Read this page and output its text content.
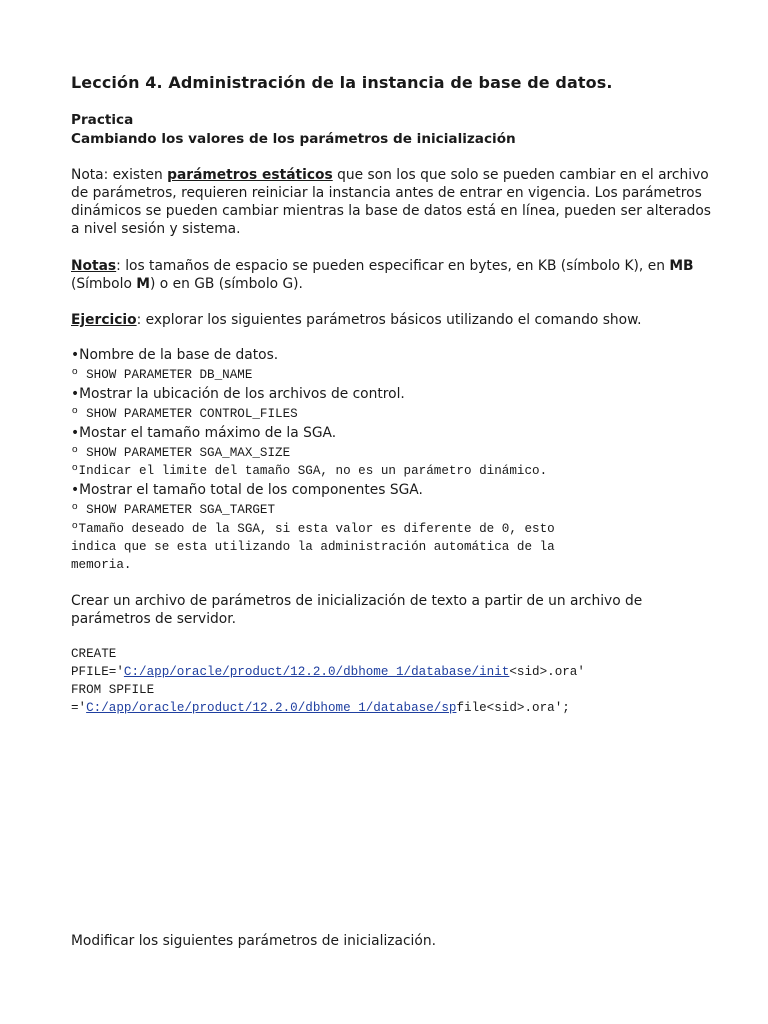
Lección 4. Administración de la instancia de base de datos.
Practica
Cambiando los valores de los parámetros de inicialización
Nota: existen parámetros estáticos que son los que solo se pueden cambiar en el archivo
de parámetros, requieren reiniciar la instancia antes de entrar en vigencia. Los parámetros
dinámicos se pueden cambiar mientras la base de datos está en línea, pueden ser alterados
a nivel sesión y sistema.
Notas: los tamaños de espacio se pueden especificar en bytes, en KB (símbolo K), en MB
(Símbolo M) o en GB (símbolo G).
Ejercicio: explorar los siguientes parámetros básicos utilizando el comando show.
•Nombre de la base de datos.
º SHOW PARAMETER DB_NAME
•Mostrar la ubicación de los archivos de control.
º SHOW PARAMETER CONTROL_FILES
•Mostar el tamaño máximo de la SGA.
º SHOW PARAMETER SGA_MAX_SIZE
ºIndicar el limite del tamaño SGA, no es un parámetro dinámico.
•Mostrar el tamaño total de los componentes SGA.
º SHOW PARAMETER SGA_TARGET
ºTamaño deseado de la SGA, si esta valor es diferente de 0, esto
indica que se esta utilizando la administración automática de la
memoria.
Crear un archivo de parámetros de inicialización de texto a partir de un archivo de
parámetros de servidor.
CREATE
PFILE='C:/app/oracle/product/12.2.0/dbhome_1/database/init<sid>.ora'
FROM SPFILE
='C:/app/oracle/product/12.2.0/dbhome_1/database/spfile<sid>.ora';
Modificar los siguientes parámetros de inicialización.
